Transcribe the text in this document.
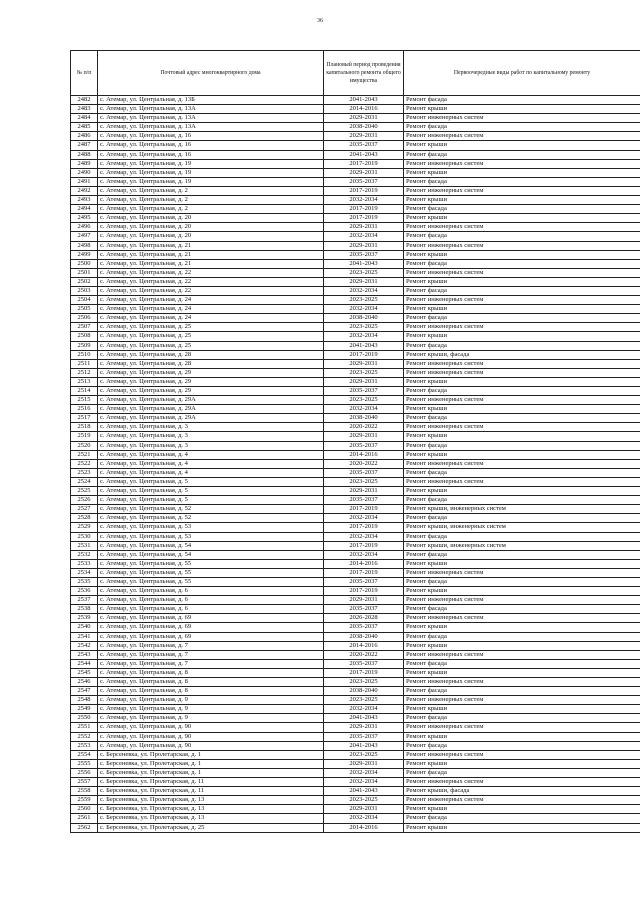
36
№ п/п	Почтовый адрес многоквартирного дома	Плановый период проведения капитального ремонта общего имущества	Первоочередные виды работ по капитальному ремонту
2482	с. Атемар, ул. Центральная, д. 13Б	2041-2043	Ремонт фасада
2483	с. Атемар, ул. Центральная, д. 13А	2014-2016	Ремонт крыши
2484	с. Атемар, ул. Центральная, д. 13А	2029-2031	Ремонт инженерных систем
2485	с. Атемар, ул. Центральная, д. 13А	2038-2040	Ремонт фасада
2486	с. Атемар, ул. Центральная, д. 16	2029-2031	Ремонт инженерных систем
2487	с. Атемар, ул. Центральная, д. 16	2035-2037	Ремонт крыши
2488	с. Атемар, ул. Центральная, д. 16	2041-2043	Ремонт фасада
2489	с. Атемар, ул. Центральная, д. 19	2017-2019	Ремонт инженерных систем
2490	с. Атемар, ул. Центральная, д. 19	2029-2031	Ремонт крыши
2491	с. Атемар, ул. Центральная, д. 19	2035-2037	Ремонт фасада
2492	с. Атемар, ул. Центральная, д. 2	2017-2019	Ремонт инженерных систем
2493	с. Атемар, ул. Центральная, д. 2	2032-2034	Ремонт крыши
2494	с. Атемар, ул. Центральная, д. 2	2017-2019	Ремонт фасада
2495	с. Атемар, ул. Центральная, д. 20	2017-2019	Ремонт крыши
2496	с. Атемар, ул. Центральная, д. 20	2029-2031	Ремонт инженерных систем
2497	с. Атемар, ул. Центральная, д. 20	2032-2034	Ремонт фасада
2498	с. Атемар, ул. Центральная, д. 21	2029-2031	Ремонт инженерных систем
2499	с. Атемар, ул. Центральная, д. 21	2035-2037	Ремонт крыши
2500	с. Атемар, ул. Центральная, д. 21	2041-2043	Ремонт фасада
2501	с. Атемар, ул. Центральная, д. 22	2023-2025	Ремонт инженерных систем
2502	с. Атемар, ул. Центральная, д. 22	2029-2031	Ремонт крыши
2503	с. Атемар, ул. Центральная, д. 22	2032-2034	Ремонт фасада
2504	с. Атемар, ул. Центральная, д. 24	2023-2025	Ремонт инженерных систем
2505	с. Атемар, ул. Центральная, д. 24	2032-2034	Ремонт крыши
2506	с. Атемар, ул. Центральная, д. 24	2038-2040	Ремонт фасада
2507	с. Атемар, ул. Центральная, д. 25	2023-2025	Ремонт инженерных систем
2508	с. Атемар, ул. Центральная, д. 25	2032-2034	Ремонт крыши
2509	с. Атемар, ул. Центральная, д. 25	2041-2043	Ремонт фасада
2510	с. Атемар, ул. Центральная, д. 28	2017-2019	Ремонт крыши, фасада
2511	с. Атемар, ул. Центральная, д. 28	2029-2031	Ремонт инженерных систем
2512	с. Атемар, ул. Центральная, д. 29	2023-2025	Ремонт инженерных систем
2513	с. Атемар, ул. Центральная, д. 29	2029-2031	Ремонт крыши
2514	с. Атемар, ул. Центральная, д. 29	2035-2037	Ремонт фасада
2515	с. Атемар, ул. Центральная, д. 29А	2023-2025	Ремонт инженерных систем
2516	с. Атемар, ул. Центральная, д. 29А	2032-2034	Ремонт крыши
2517	с. Атемар, ул. Центральная, д. 29А	2038-2040	Ремонт фасада
2518	с. Атемар, ул. Центральная, д. 3	2020-2022	Ремонт инженерных систем
2519	с. Атемар, ул. Центральная, д. 3	2029-2031	Ремонт крыши
2520	с. Атемар, ул. Центральная, д. 3	2035-2037	Ремонт фасада
2521	с. Атемар, ул. Центральная, д. 4	2014-2016	Ремонт крыши
2522	с. Атемар, ул. Центральная, д. 4	2020-2022	Ремонт инженерных систем
2523	с. Атемар, ул. Центральная, д. 4	2035-2037	Ремонт фасада
2524	с. Атемар, ул. Центральная, д. 5	2023-2025	Ремонт инженерных систем
2525	с. Атемар, ул. Центральная, д. 5	2029-2031	Ремонт крыши
2526	с. Атемар, ул. Центральная, д. 5	2035-2037	Ремонт фасада
2527	с. Атемар, ул. Центральная, д. 52	2017-2019	Ремонт крыши, инженерных систем
2528	с. Атемар, ул. Центральная, д. 52	2032-2034	Ремонт фасада
2529	с. Атемар, ул. Центральная, д. 53	2017-2019	Ремонт крыши, инженерных систем
2530	с. Атемар, ул. Центральная, д. 53	2032-2034	Ремонт фасада
2531	с. Атемар, ул. Центральная, д. 54	2017-2019	Ремонт крыши, инженерных систем
2532	с. Атемар, ул. Центральная, д. 54	2032-2034	Ремонт фасада
2533	с. Атемар, ул. Центральная, д. 55	2014-2016	Ремонт крыши
2534	с. Атемар, ул. Центральная, д. 55	2017-2019	Ремонт инженерных систем
2535	с. Атемар, ул. Центральная, д. 55	2035-2037	Ремонт фасада
2536	с. Атемар, ул. Центральная, д. 6	2017-2019	Ремонт крыши
2537	с. Атемар, ул. Центральная, д. 6	2029-2031	Ремонт инженерных систем
2538	с. Атемар, ул. Центральная, д. 6	2035-2037	Ремонт фасада
2539	с. Атемар, ул. Центральная, д. 69	2026-2028	Ремонт инженерных систем
2540	с. Атемар, ул. Центральная, д. 69	2035-2037	Ремонт крыши
2541	с. Атемар, ул. Центральная, д. 69	2038-2040	Ремонт фасада
2542	с. Атемар, ул. Центральная, д. 7	2014-2016	Ремонт крыши
2543	с. Атемар, ул. Центральная, д. 7	2020-2022	Ремонт инженерных систем
2544	с. Атемар, ул. Центральная, д. 7	2035-2037	Ремонт фасада
2545	с. Атемар, ул. Центральная, д. 8	2017-2019	Ремонт крыши
2546	с. Атемар, ул. Центральная, д. 8	2023-2025	Ремонт инженерных систем
2547	с. Атемар, ул. Центральная, д. 8	2038-2040	Ремонт фасада
2548	с. Атемар, ул. Центральная, д. 9	2023-2025	Ремонт инженерных систем
2549	с. Атемар, ул. Центральная, д. 9	2032-2034	Ремонт крыши
2550	с. Атемар, ул. Центральная, д. 9	2041-2043	Ремонт фасада
2551	с. Атемар, ул. Центральная, д. 90	2029-2031	Ремонт инженерных систем
2552	с. Атемар, ул. Центральная, д. 90	2035-2037	Ремонт крыши
2553	с. Атемар, ул. Центральная, д. 90	2041-2043	Ремонт фасада
2554	с. Берсеневка, ул. Пролетарская, д. 1	2023-2025	Ремонт инженерных систем
2555	с. Берсеневка, ул. Пролетарская, д. 1	2029-2031	Ремонт крыши
2556	с. Берсеневка, ул. Пролетарская, д. 1	2032-2034	Ремонт фасада
2557	с. Берсеневка, ул. Пролетарская, д. 11	2032-2034	Ремонт инженерных систем
2558	с. Берсеневка, ул. Пролетарская, д. 11	2041-2043	Ремонт крыши, фасада
2559	с. Берсеневка, ул. Пролетарская, д. 13	2023-2025	Ремонт инженерных систем
2560	с. Берсеневка, ул. Пролетарская, д. 13	2029-2031	Ремонт крыши
2561	с. Берсеневка, ул. Пролетарская, д. 13	2032-2034	Ремонт фасада
2562	с. Берсеневка, ул. Пролетарская, д. 25	2014-2016	Ремонт крыши
